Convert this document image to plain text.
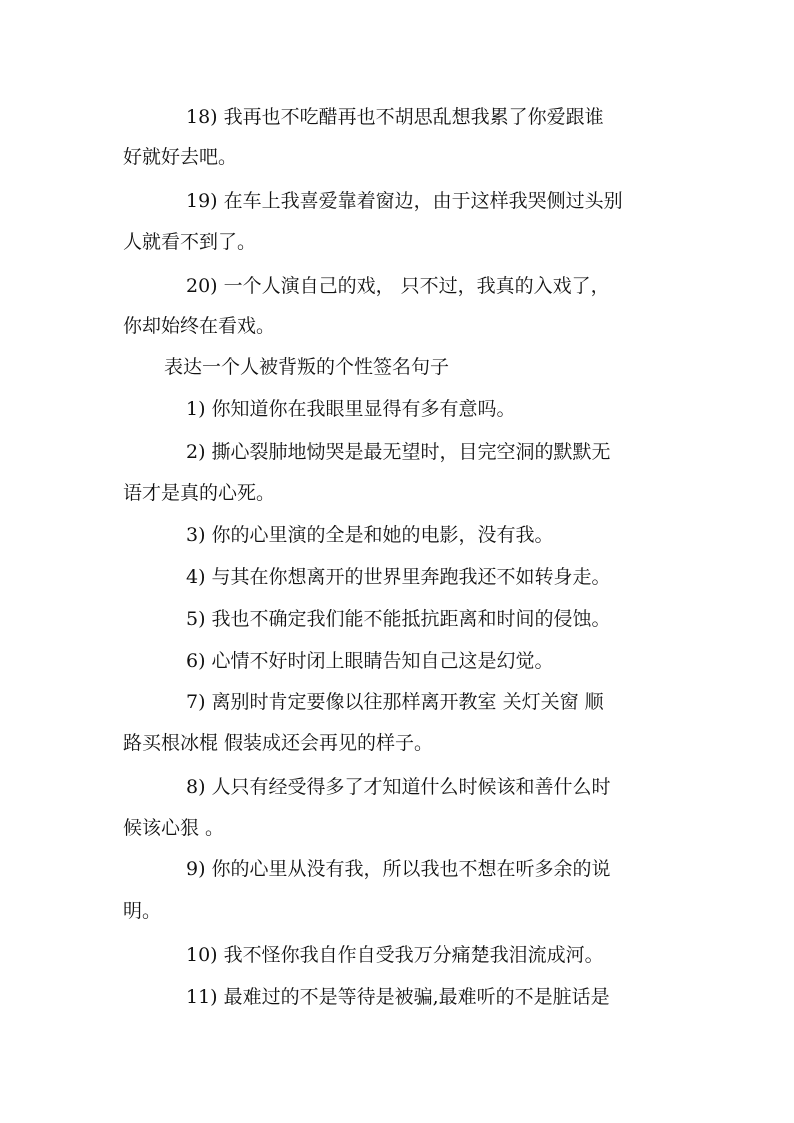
18) 我再也不吃醋再也不胡思乱想我累了你爱跟谁
好就好去吧。
19) 在车上我喜爱靠着窗边，由于这样我哭侧过头别
人就看不到了。
20) 一个人演自己的戏， 只不过，我真的入戏了，
你却始终在看戏。
表达一个人被背叛的个性签名句子
1) 你知道你在我眼里显得有多有意吗。
2) 撕心裂肺地恸哭是最无望时，目完空洞的默默无
语才是真的心死。
3) 你的心里演的全是和她的电影，没有我。
4) 与其在你想离开的世界里奔跑我还不如转身走。
5) 我也不确定我们能不能抵抗距离和时间的侵蚀。
6) 心情不好时闭上眼睛告知自己这是幻觉。
7) 离别时肯定要像以往那样离开教室 关灯关窗 顺
路买根冰棍 假装成还会再见的样子。
8) 人只有经受得多了才知道什么时候该和善什么时
候该心狠 。
9) 你的心里从没有我，所以我也不想在听多余的说
明。
10) 我不怪你我自作自受我万分痛楚我泪流成河。
11) 最难过的不是等待是被骗,最难听的不是脏话是
